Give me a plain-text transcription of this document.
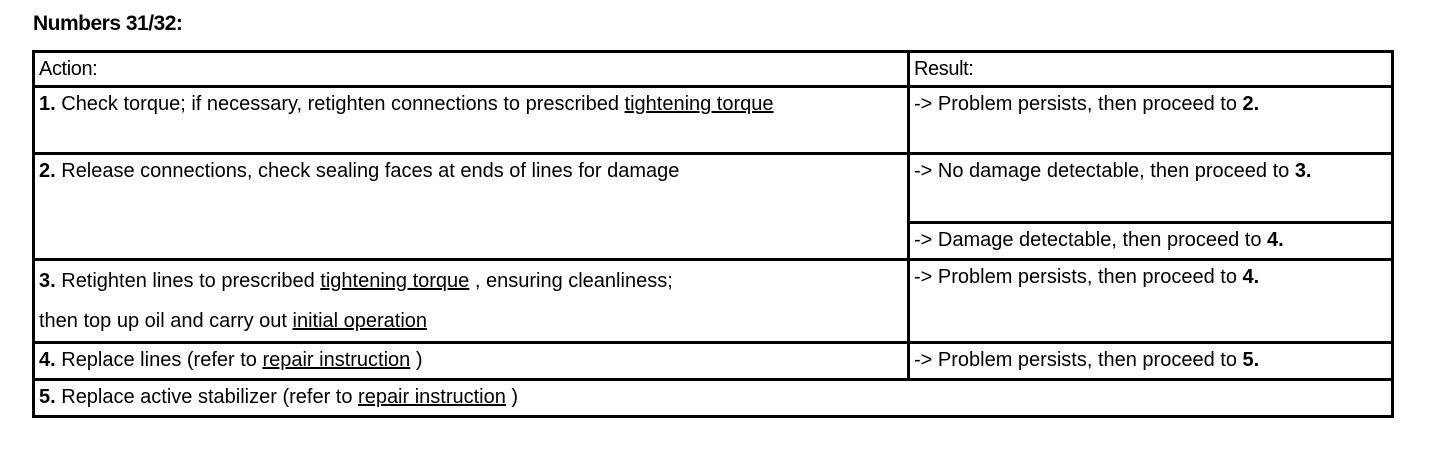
Numbers 31/32:
Action:	Result:
1. Check torque; if necessary, retighten connections to prescribed tightening torque	-> Problem persists, then proceed to 2.
2. Release connections, check sealing faces at ends of lines for damage	-> No damage detectable, then proceed to 3.
	-> Damage detectable, then proceed to 4.

3. Retighten lines to prescribed tightening torque , ensuring cleanliness;
then top up oil and carry out initial operation	-> Problem persists, then proceed to 4.
4. Replace lines (refer to repair instruction )	-> Problem persists, then proceed to 5.
5. Replace active stabilizer (refer to repair instruction )	
